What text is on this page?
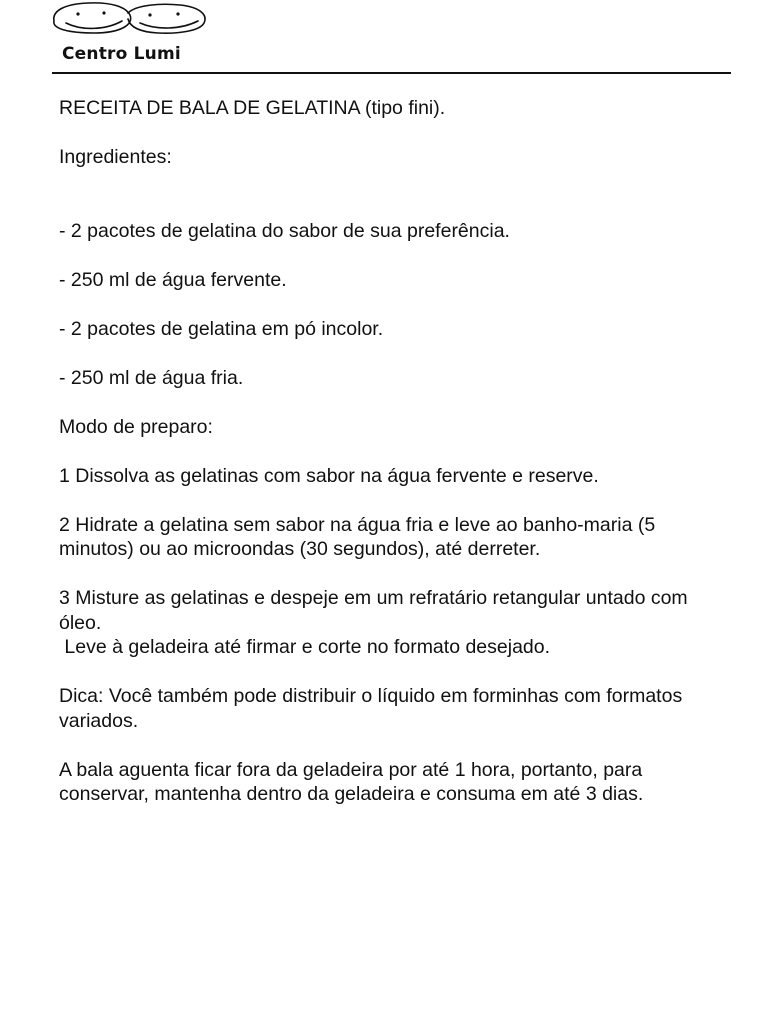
Centro Lumi

RECEITA DE BALA DE GELATINA (tipo fini).

Ingredientes:

- 2 pacotes de gelatina do sabor de sua preferência.

- 250 ml de água fervente.

- 2 pacotes de gelatina em pó incolor.

- 250 ml de água fria.

Modo de preparo:

1 Dissolva as gelatinas com sabor na água fervente e reserve.

2 Hidrate a gelatina sem sabor na água fria e leve ao banho-maria (5 minutos) ou ao microondas (30 segundos), até derreter.

3 Misture as gelatinas e despeje em um refratário retangular untado com óleo.

Leve à geladeira até firmar e corte no formato desejado.

Dica: Você também pode distribuir o líquido em forminhas com formatos variados.

A bala aguenta ficar fora da geladeira por até 1 hora, portanto, para conservar, mantenha dentro da geladeira e consuma em até 3 dias.
